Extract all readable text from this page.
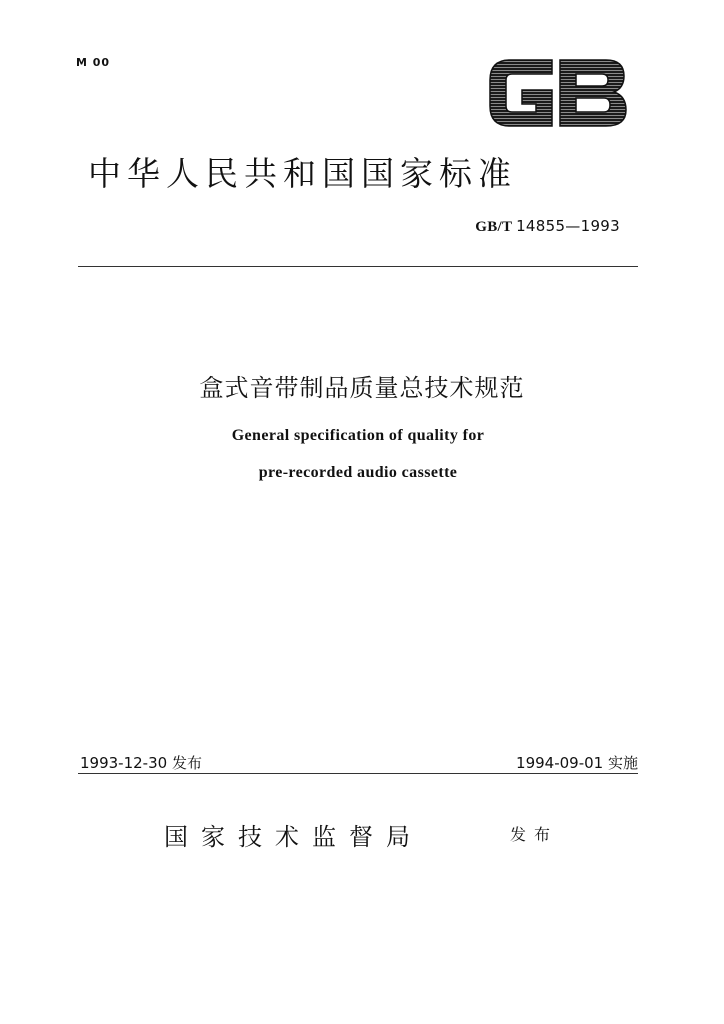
M 00
中华人民共和国国家标准
GB/T 14855—1993
盒式音带制品质量总技术规范
General specification of quality for
pre-recorded audio cassette
1993-12-30 发布	1994-09-01 实施
国家技术监督局	发布
